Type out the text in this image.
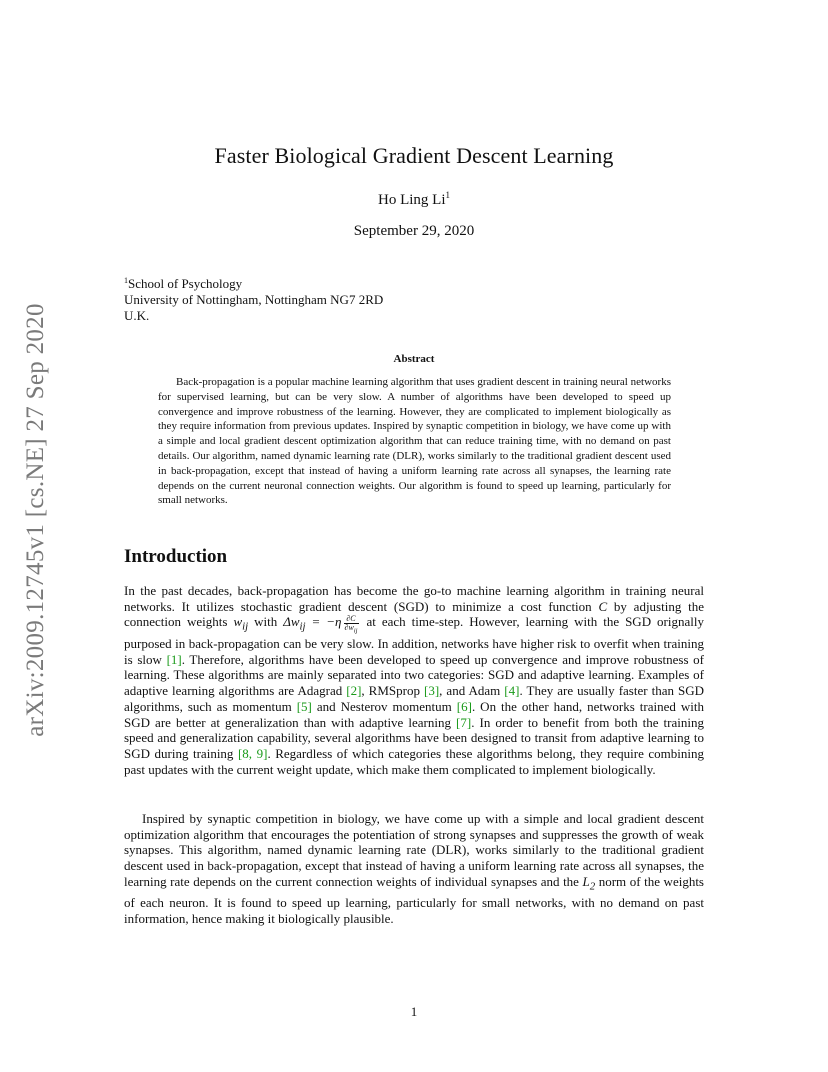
arXiv:2009.12745v1 [cs.NE] 27 Sep 2020
Faster Biological Gradient Descent Learning
Ho Ling Li$^1$
September 29, 2020
$^1$School of Psychology
University of Nottingham, Nottingham NG7 2RD
U.K.
Abstract
Back-propagation is a popular machine learning algorithm that uses gradient descent in training neural networks for supervised learning, but can be very slow. A number of algorithms have been developed to speed up convergence and improve robustness of the learning. However, they are complicated to implement biologically as they require information from previous updates. Inspired by synaptic competition in biology, we have come up with a simple and local gradient descent optimization algorithm that can reduce training time, with no demand on past details. Our algorithm, named dynamic learning rate (DLR), works similarly to the traditional gradient descent used in back-propagation, except that instead of having a uniform learning rate across all synapses, the learning rate depends on the current neuronal connection weights. Our algorithm is found to speed up learning, particularly for small networks.
Introduction
In the past decades, back-propagation has become the go-to machine learning algorithm in training neural networks. It utilizes stochastic gradient descent (SGD) to minimize a cost function C by adjusting the connection weights $w_{ij}$ with $\Delta w_{ij} = -\eta \frac{\partial C}{\partial w_{ij}}$ at each time-step. However, learning with the SGD orignally purposed in back-propagation can be very slow. In addition, networks have higher risk to overfit when training is slow [1]. Therefore, algorithms have been developed to speed up convergence and improve robustness of learning. These algorithms are mainly separated into two categories: SGD and adaptive learning. Examples of adaptive learning algorithms are Adagrad [2], RMSprop [3], and Adam [4]. They are usually faster than SGD algorithms, such as momentum [5] and Nesterov momentum [6]. On the other hand, networks trained with SGD are better at generalization than with adaptive learning [7]. In order to benefit from both the training speed and generalization capability, several algorithms have been designed to transit from adaptive learning to SGD during training [8, 9]. Regardless of which categories these algorithms belong, they require combining past updates with the current weight update, which make them complicated to implement biologically.
Inspired by synaptic competition in biology, we have come up with a simple and local gradient descent optimization algorithm that encourages the potentiation of strong synapses and suppresses the growth of weak synapses. This algorithm, named dynamic learning rate (DLR), works similarly to the traditional gradient descent used in back-propagation, except that instead of having a uniform learning rate across all synapses, the learning rate depends on the current connection weights of individual synapses and the $L_2$ norm of the weights of each neuron. It is found to speed up learning, particularly for small networks, with no demand on past information, hence making it biologically plausible.
1
